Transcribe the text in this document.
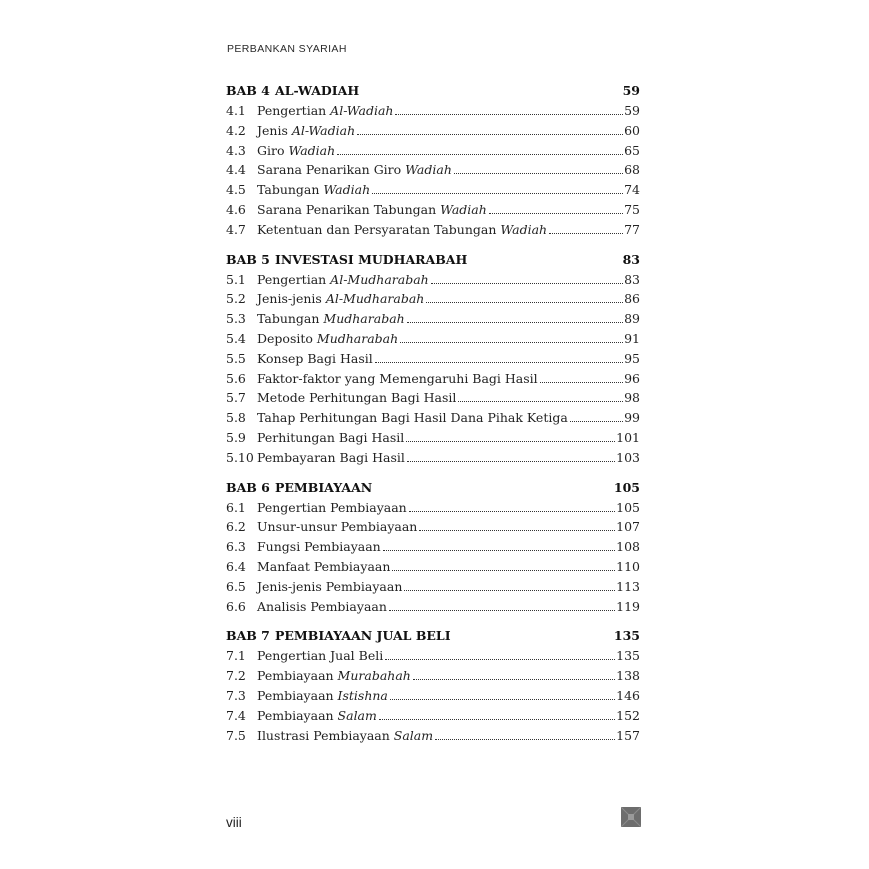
PERBANKAN SYARIAH
BAB 4 AL-WADIAH	59
4.1 Pengertian Al-Wadiah	59
4.2 Jenis Al-Wadiah	60
4.3 Giro Wadiah	65
4.4 Sarana Penarikan Giro Wadiah	68
4.5 Tabungan Wadiah	74
4.6 Sarana Penarikan Tabungan Wadiah	75
4.7 Ketentuan dan Persyaratan Tabungan Wadiah	77
BAB 5 INVESTASI MUDHARABAH	83
5.1 Pengertian Al-Mudharabah	83
5.2 Jenis-jenis Al-Mudharabah	86
5.3 Tabungan Mudharabah	89
5.4 Deposito Mudharabah	91
5.5 Konsep Bagi Hasil	95
5.6 Faktor-faktor yang Memengaruhi Bagi Hasil	96
5.7 Metode Perhitungan Bagi Hasil	98
5.8 Tahap Perhitungan Bagi Hasil Dana Pihak Ketiga	99
5.9 Perhitungan Bagi Hasil	101
5.10 Pembayaran Bagi Hasil	103
BAB 6 PEMBIAYAAN	105
6.1 Pengertian Pembiayaan	105
6.2 Unsur-unsur Pembiayaan	107
6.3 Fungsi Pembiayaan	108
6.4 Manfaat Pembiayaan	110
6.5 Jenis-jenis Pembiayaan	113
6.6 Analisis Pembiayaan	119
BAB 7 PEMBIAYAAN JUAL BELI	135
7.1 Pengertian Jual Beli	135
7.2 Pembiayaan Murabahah	138
7.3 Pembiayaan Istishna	146
7.4 Pembiayaan Salam	152
7.5 Ilustrasi Pembiayaan Salam	157
viii
